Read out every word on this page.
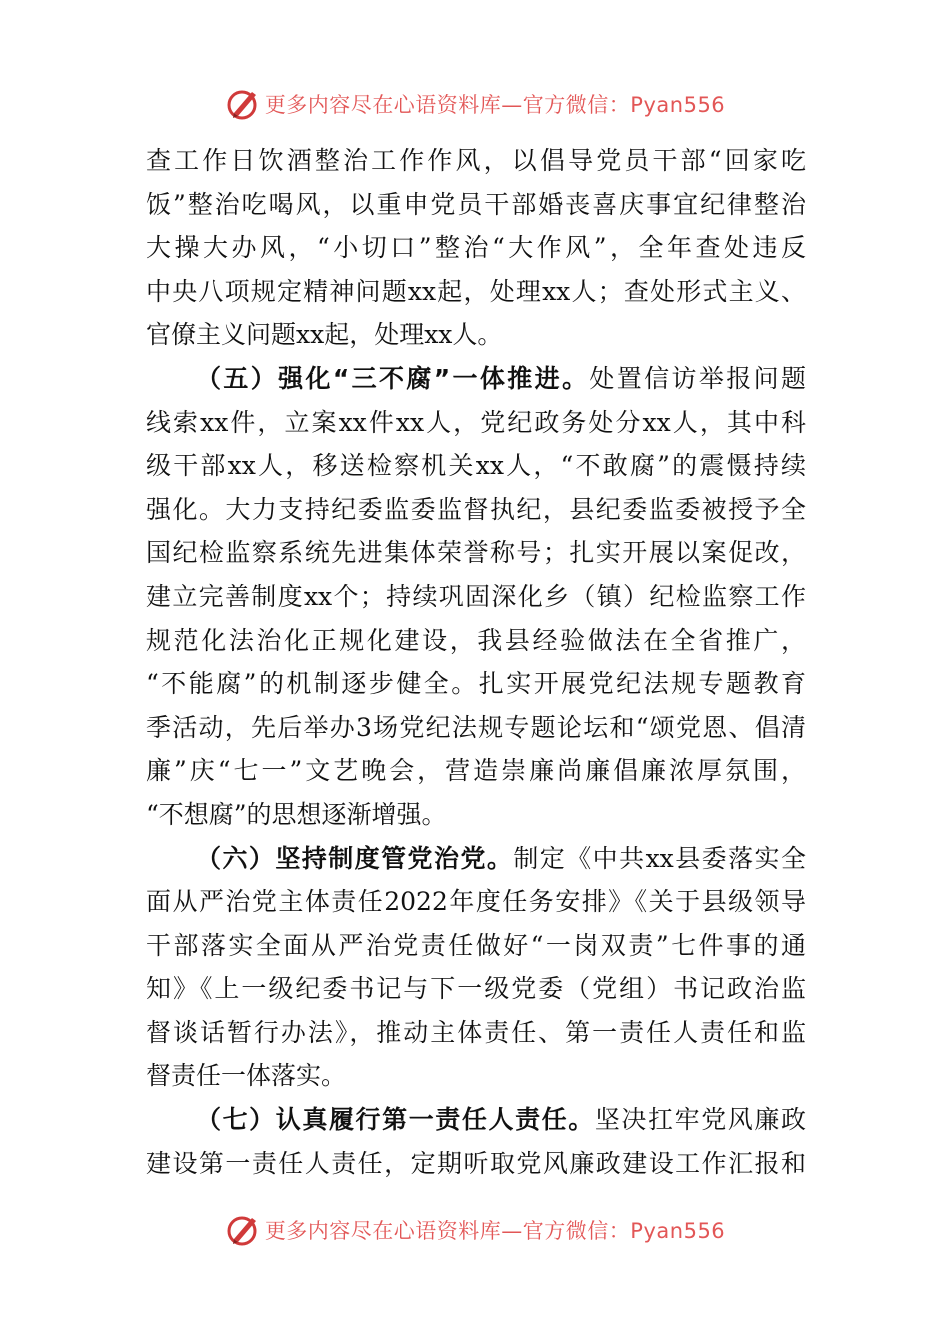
更多内容尽在心语资料库—官方微信：Pyan556
查工作日饮酒整治工作作风，以倡导党员干部“回家吃
饭”整治吃喝风，以重申党员干部婚丧喜庆事宜纪律整治
大操大办风，“小切口”整治“大作风”，全年查处违反
中央八项规定精神问题xx起，处理xx人；查处形式主义、
官僚主义问题xx起，处理xx人。
（五）强化“三不腐”一体推进。处置信访举报问题
线索xx件，立案xx件xx人，党纪政务处分xx人，其中科
级干部xx人，移送检察机关xx人，“不敢腐”的震慑持续
强化。大力支持纪委监委监督执纪，县纪委监委被授予全
国纪检监察系统先进集体荣誉称号；扎实开展以案促改，
建立完善制度xx个；持续巩固深化乡（镇）纪检监察工作
规范化法治化正规化建设，我县经验做法在全省推广，
“不能腐”的机制逐步健全。扎实开展党纪法规专题教育
季活动，先后举办3场党纪法规专题论坛和“颂党恩、倡清
廉”庆“七一”文艺晚会，营造崇廉尚廉倡廉浓厚氛围，
“不想腐”的思想逐渐增强。
（六）坚持制度管党治党。制定《中共xx县委落实全
面从严治党主体责任2022年度任务安排》《关于县级领导
干部落实全面从严治党责任做好“一岗双责”七件事的通
知》《上一级纪委书记与下一级党委（党组）书记政治监
督谈话暂行办法》，推动主体责任、第一责任人责任和监
督责任一体落实。
（七）认真履行第一责任人责任。坚决扛牢党风廉政
建设第一责任人责任，定期听取党风廉政建设工作汇报和
更多内容尽在心语资料库—官方微信：Pyan556
